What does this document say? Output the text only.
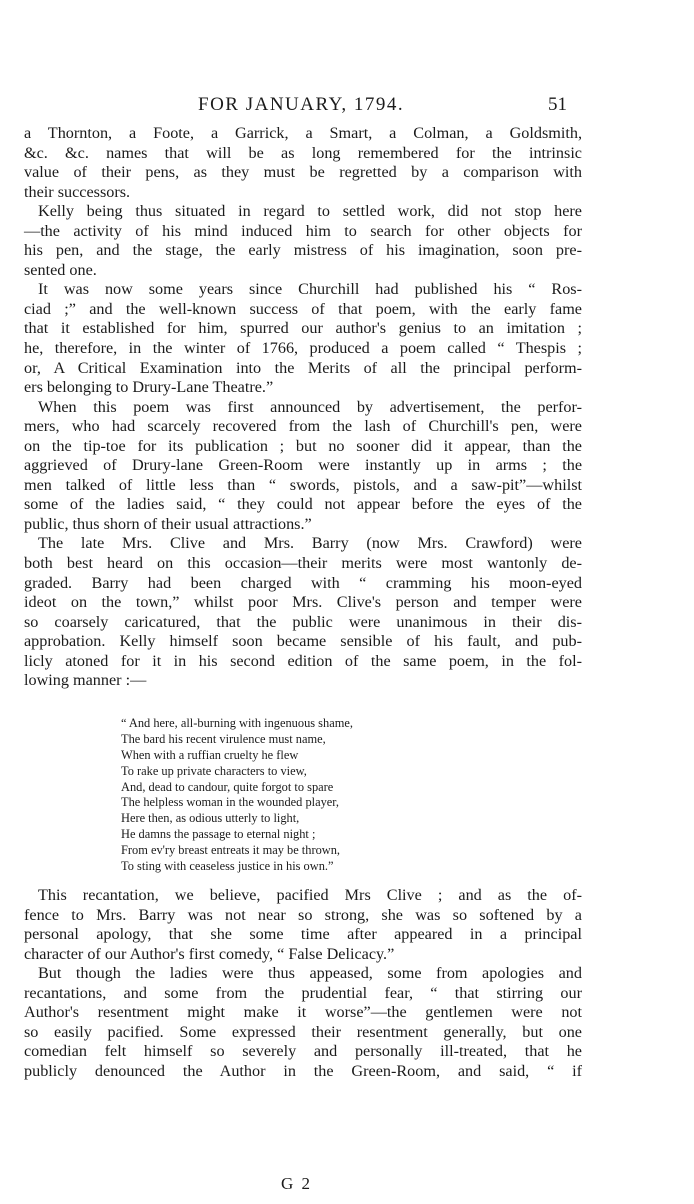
FOR JANUARY, 1794.	51
a Thornton, a Foote, a Garrick, a Smart, a Colman, a Goldsmith,
&c. &c. names that will be as long remembered for the intrinsic
value of their pens, as they must be regretted by a comparison with
their successors.
Kelly being thus situated in regard to settled work, did not stop here
—the activity of his mind induced him to search for other objects for
his pen, and the stage, the early mistress of his imagination, soon pre-
sented one.
It was now some years since Churchill had published his “ Ros-
ciad ;” and the well-known success of that poem, with the early fame
that it established for him, spurred our author's genius to an imitation ;
he, therefore, in the winter of 1766, produced a poem called “ Thespis ;
or, A Critical Examination into the Merits of all the principal perform-
ers belonging to Drury-Lane Theatre.”
When this poem was first announced by advertisement, the perfor-
mers, who had scarcely recovered from the lash of Churchill's pen, were
on the tip-toe for its publication ; but no sooner did it appear, than the
aggrieved of Drury-lane Green-Room were instantly up in arms ; the
men talked of little less than “ swords, pistols, and a saw-pit”—whilst
some of the ladies said, “ they could not appear before the eyes of the
public, thus shorn of their usual attractions.”
The late Mrs. Clive and Mrs. Barry (now Mrs. Crawford) were
both best heard on this occasion—their merits were most wantonly de-
graded. Barry had been charged with “ cramming his moon-eyed
ideot on the town,” whilst poor Mrs. Clive's person and temper were
so coarsely caricatured, that the public were unanimous in their dis-
approbation. Kelly himself soon became sensible of his fault, and pub-
licly atoned for it in his second edition of the same poem, in the fol-
lowing manner :—
“ And here, all-burning with ingenuous shame,
The bard his recent virulence must name,
When with a ruffian cruelty he flew
To rake up private characters to view,
And, dead to candour, quite forgot to spare
The helpless woman in the wounded player,
Here then, as odious utterly to light,
He damns the passage to eternal night ;
From ev'ry breast entreats it may be thrown,
To sting with ceaseless justice in his own.”
This recantation, we believe, pacified Mrs Clive ; and as the of-
fence to Mrs. Barry was not near so strong, she was so softened by a
personal apology, that she some time after appeared in a principal
character of our Author's first comedy, “ False Delicacy.”
But though the ladies were thus appeased, some from apologies and
recantations, and some from the prudential fear, “ that stirring our
Author's resentment might make it worse”—the gentlemen were not
so easily pacified. Some expressed their resentment generally, but one
comedian felt himself so severely and personally ill-treated, that he
publicly denounced the Author in the Green-Room, and said, “ if
G 2
